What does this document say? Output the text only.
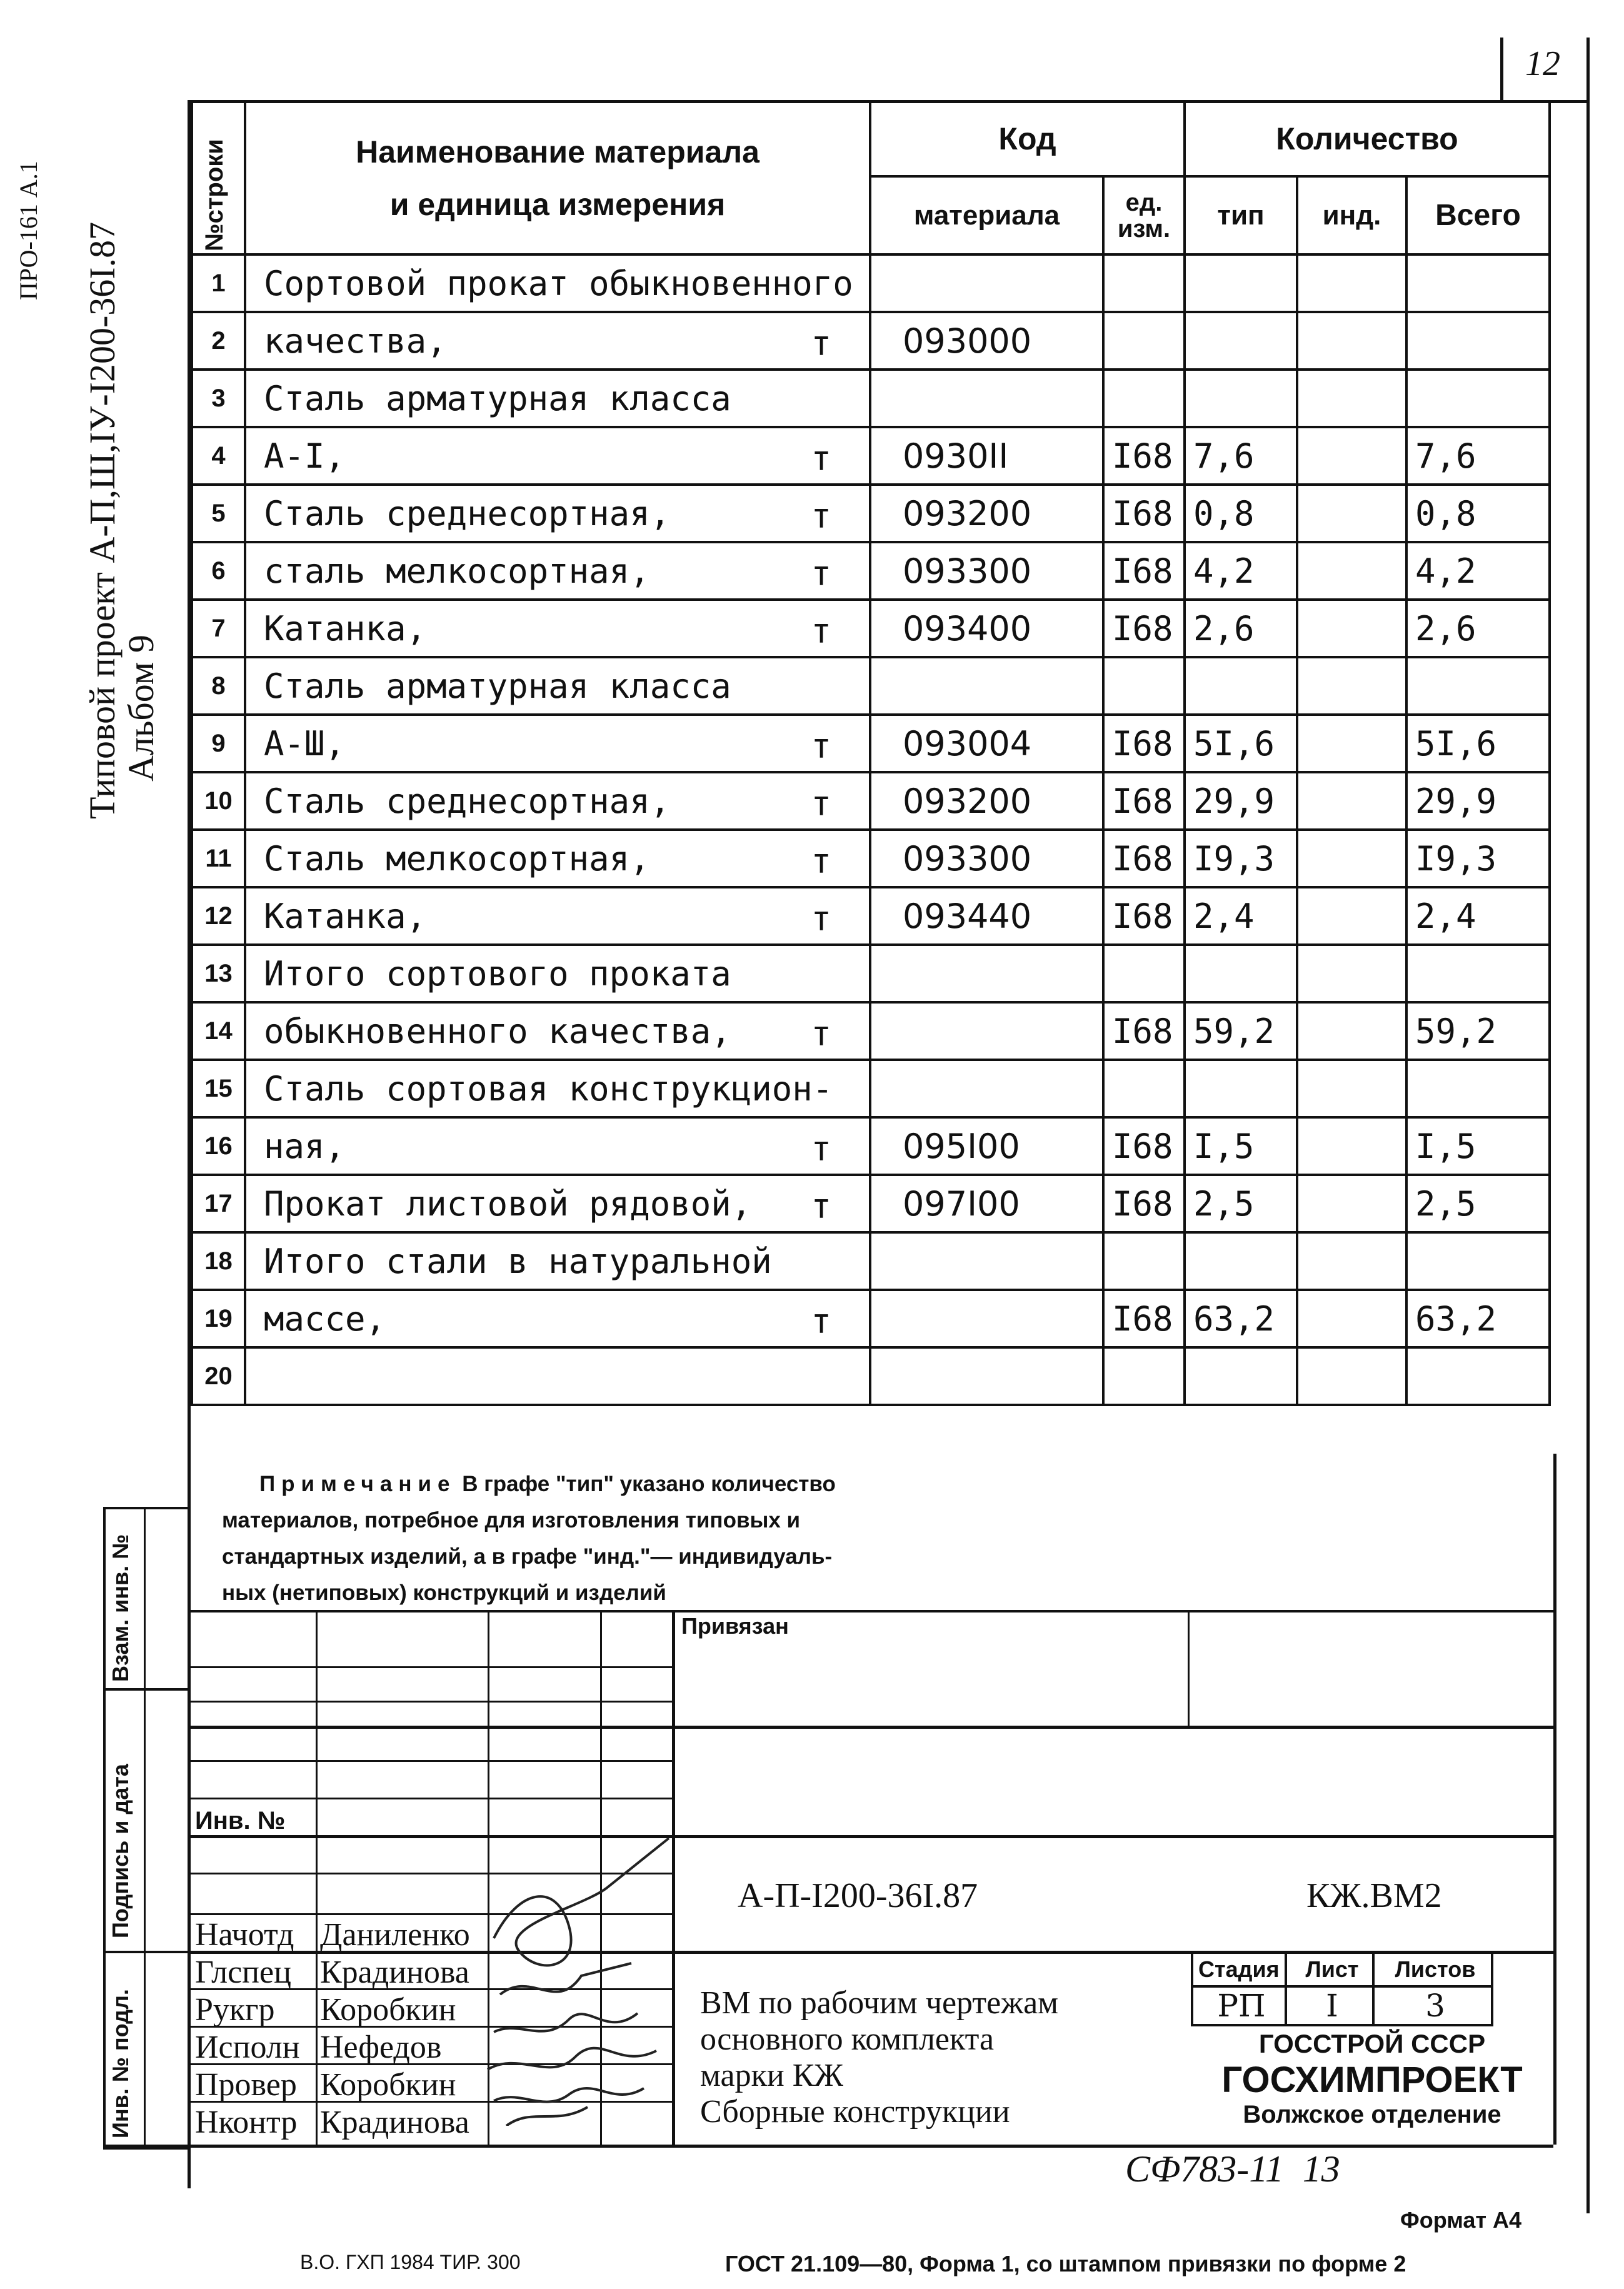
12
ПРО-161 А.1 Типовой проект А-П,Ш,IУ-I200-36I.87
Альбом 9
№строки	Наименование материала
и единица измерения	Код		Количество		
		материала	ед. изм.	тип	инд.	Всего
1	Сортовой прокат обыкновенного

2	качества, т	093000				
3	Сталь арматурная класса

4	А-I, т	0930II	I68	7,6		7,6
5	Сталь среднесортная, т	093200	I68	0,8		0,8
6	сталь мелкосортная, т	093300	I68	4,2		4,2
7	Катанка, т	093400	I68	2,6		2,6
8	Сталь арматурная класса

9	А-Ш, т	093004	I68	5I,6		5I,6
10	Сталь среднесортная, т	093200	I68	29,9		29,9
11	Сталь мелкосортная, т	093300	I68	I9,3		I9,3
12	Катанка, т	093440	I68	2,4		2,4
13	Итого сортового проката

14	обыкновенного качества, т		I68	59,2		59,2
15	Сталь сортовая конструкцион-

16	ная, т	095I00	I68	I,5		I,5
17	Прокат листовой рядовой, т	097I00	I68	2,5		2,5
18	Итого стали в натуральной

19	массе, т		I68	63,2		63,2
20	

Примечание В графе "тип" указано количество
материалов, потребное для изготовления типовых и
стандартных изделий, а в графе "инд."— индивидуаль-
ных (нетиповых) конструкций и изделий
Взам. инв. №
Подпись и дата
Инв. № подл.
Привязан
Инв. №
А-П-I200-36I.87	КЖ.ВМ2
Начотд Даниленко
Глспец Крадинова
Рукгр Коробкин
Исполн Нефедов
Провер Коробкин
Нконтр Крадинова
ВМ по рабочим чертежам
основного комплекта
марки КЖ
Сборные конструкции
Стадия	Лист	Листов
РП	I	3
ГОССТРОЙ СССР
ГОСХИМПРОЕКТ
Волжское отделение
СФ783-11  13
Формат А4
В.О. ГХП 1984 ТИР. 300	ГОСТ 21.109—80, Форма 1, со штампом привязки по форме 2
